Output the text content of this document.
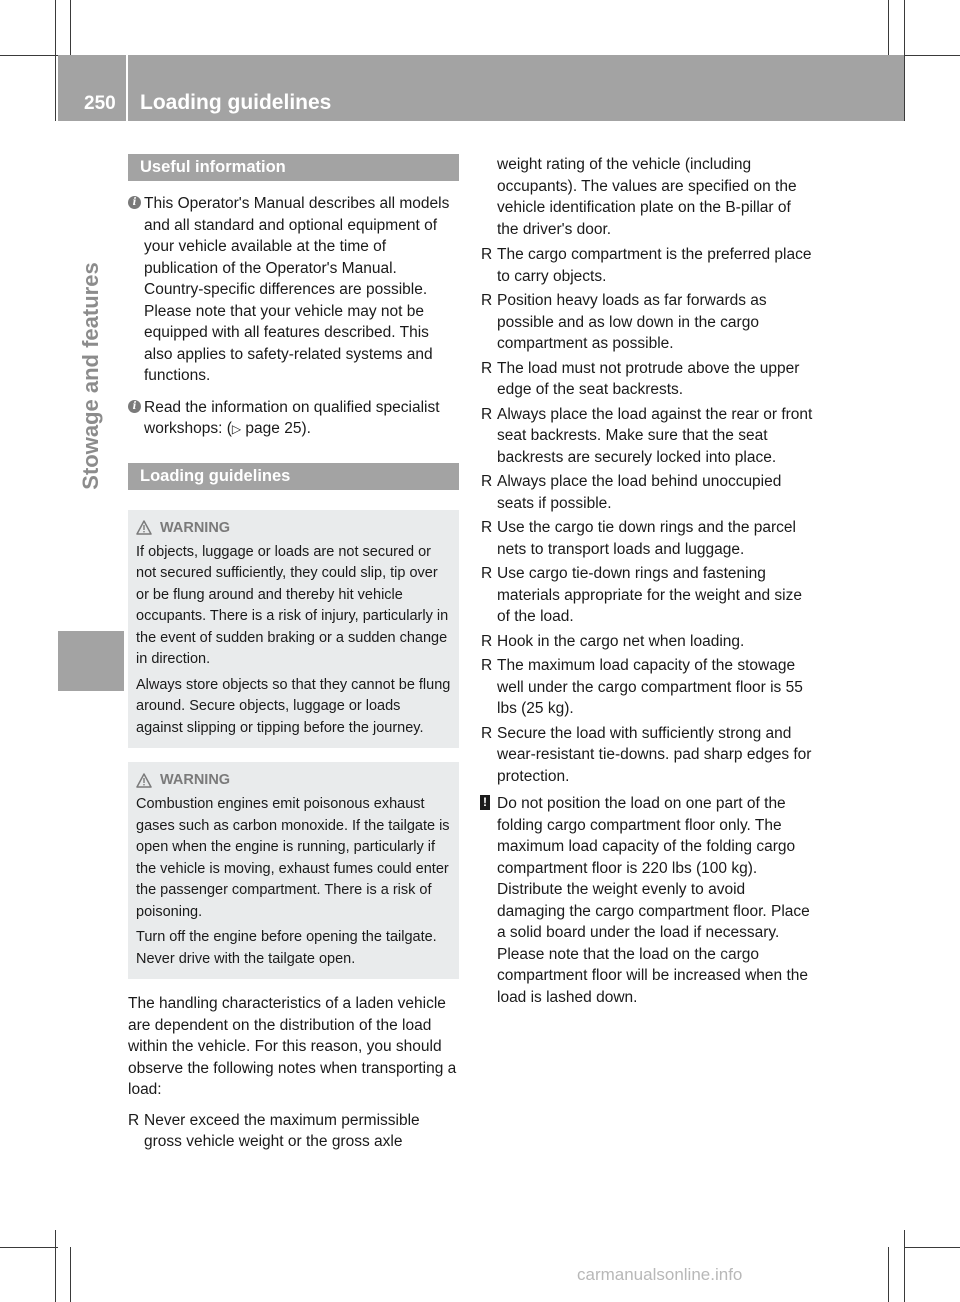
250 Loading guidelines
Stowage and features
Useful information
i This Operator's Manual describes all models and all standard and optional equipment of your vehicle available at the time of publication of the Operator's Manual. Country-specific differences are possible. Please note that your vehicle may not be equipped with all features described. This also applies to safety-related systems and functions.

i Read the information on qualified specialist workshops: (▷ page 25).

Loading guidelines
WARNING

If objects, luggage or loads are not secured or not secured sufficiently, they could slip, tip over or be flung around and thereby hit vehicle occupants. There is a risk of injury, particularly in the event of sudden braking or a sudden change in direction.

Always store objects so that they cannot be flung around. Secure objects, luggage or loads against slipping or tipping before the journey.

WARNING

Combustion engines emit poisonous exhaust gases such as carbon monoxide. If the tailgate is open when the engine is running, particularly if the vehicle is moving, exhaust fumes could enter the passenger compartment. There is a risk of poisoning.

Turn off the engine before opening the tailgate. Never drive with the tailgate open.

The handling characteristics of a laden vehicle are dependent on the distribution of the load within the vehicle. For this reason, you should observe the following notes when transporting a load:

R Never exceed the maximum permissible gross vehicle weight or the gross axle

weight rating of the vehicle (including occupants). The values are specified on the vehicle identification plate on the B-pillar of the driver's door.

R The cargo compartment is the preferred place to carry objects.
R Position heavy loads as far forwards as possible and as low down in the cargo compartment as possible.
R The load must not protrude above the upper edge of the seat backrests.
R Always place the load against the rear or front seat backrests. Make sure that the seat backrests are securely locked into place.
R Always place the load behind unoccupied seats if possible.
R Use the cargo tie down rings and the parcel nets to transport loads and luggage.
R Use cargo tie-down rings and fastening materials appropriate for the weight and size of the load.
R Hook in the cargo net when loading.
R The maximum load capacity of the stowage well under the cargo compartment floor is 55 lbs (25 kg).
R Secure the load with sufficiently strong and wear-resistant tie-downs. pad sharp edges for protection.
! Do not position the load on one part of the folding cargo compartment floor only. The maximum load capacity of the folding cargo compartment floor is 220 lbs (100 kg). Distribute the weight evenly to avoid damaging the cargo compartment floor. Place a solid board under the load if necessary. Please note that the load on the cargo compartment floor will be increased when the load is lashed down.

carmanualsonline.info
